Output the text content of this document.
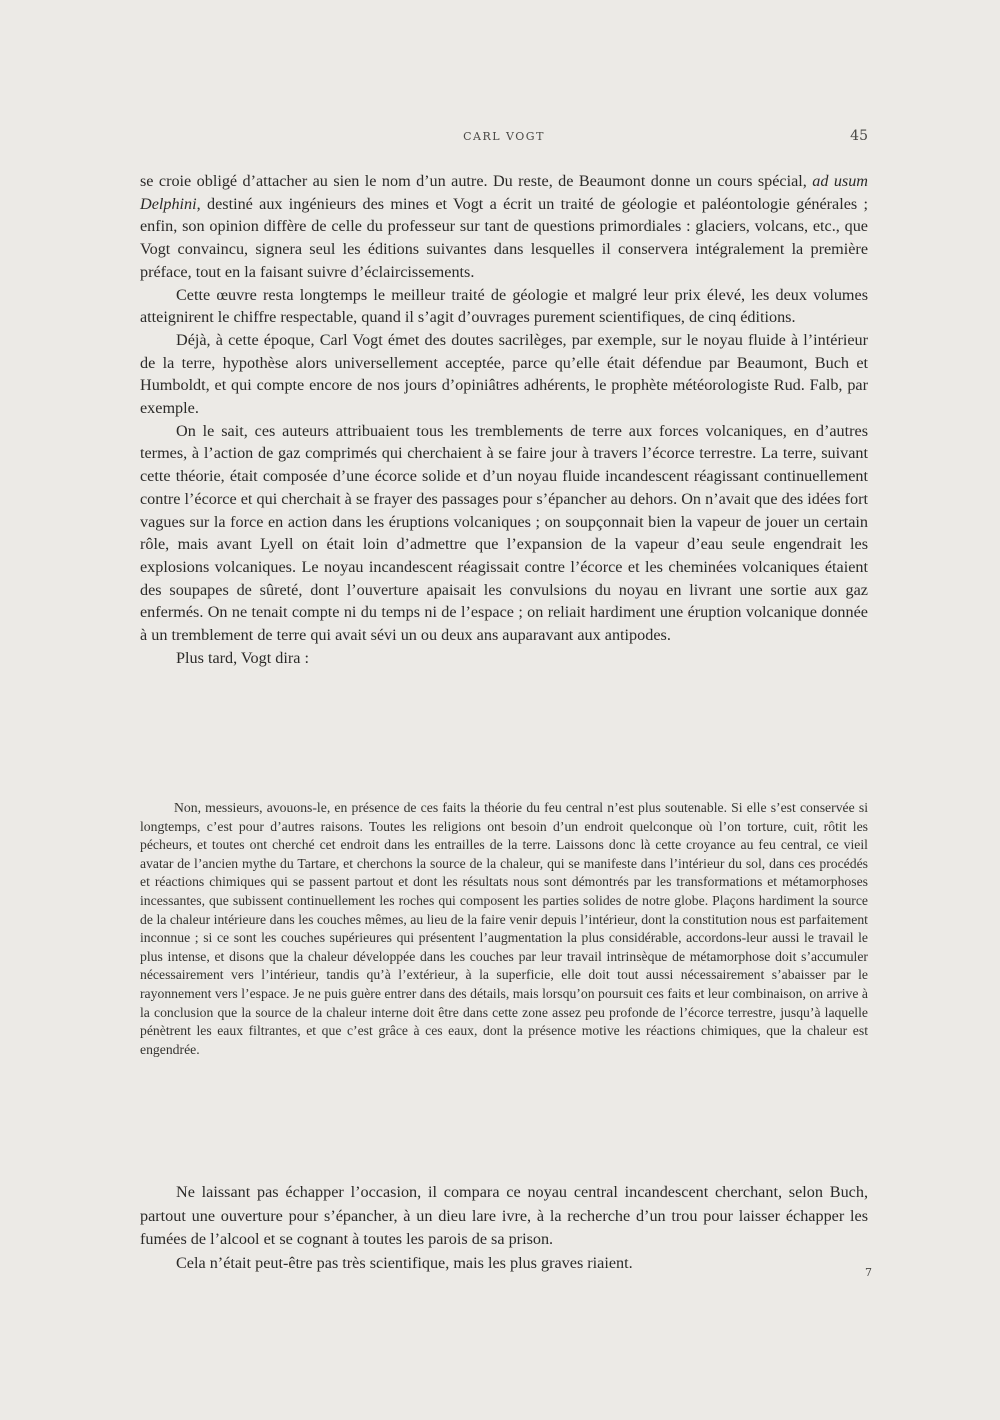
CARL VOGT	45

se croie obligé d’attacher au sien le nom d’un autre. Du reste, de Beaumont donne un cours spécial, ad usum Delphini, destiné aux ingénieurs des mines et Vogt a écrit un traité de géologie et paléontologie générales ; enfin, son opinion diffère de celle du professeur sur tant de questions primordiales : glaciers, volcans, etc., que Vogt convaincu, signera seul les éditions suivantes dans lesquelles il conservera intégralement la première préface, tout en la faisant suivre d’éclaircissements.

Cette œuvre resta longtemps le meilleur traité de géologie et malgré leur prix élevé, les deux volumes atteignirent le chiffre respectable, quand il s’agit d’ouvrages purement scientifiques, de cinq éditions.

Déjà, à cette époque, Carl Vogt émet des doutes sacrilèges, par exemple, sur le noyau fluide à l’intérieur de la terre, hypothèse alors universellement acceptée, parce qu’elle était défendue par Beaumont, Buch et Humboldt, et qui compte encore de nos jours d’opiniâtres adhérents, le prophète météorologiste Rud. Falb, par exemple.

On le sait, ces auteurs attribuaient tous les tremblements de terre aux forces volcaniques, en d’autres termes, à l’action de gaz comprimés qui cherchaient à se faire jour à travers l’écorce terrestre. La terre, suivant cette théorie, était composée d’une écorce solide et d’un noyau fluide incandescent réagissant continuellement contre l’écorce et qui cherchait à se frayer des passages pour s’épancher au dehors. On n’avait que des idées fort vagues sur la force en action dans les éruptions volcaniques ; on soupçonnait bien la vapeur de jouer un certain rôle, mais avant Lyell on était loin d’admettre que l’expansion de la vapeur d’eau seule engendrait les explosions volcaniques. Le noyau incandescent réagissait contre l’écorce et les cheminées volcaniques étaient des soupapes de sûreté, dont l’ouverture apaisait les convulsions du noyau en livrant une sortie aux gaz enfermés. On ne tenait compte ni du temps ni de l’espace ; on reliait hardiment une éruption volcanique donnée à un tremblement de terre qui avait sévi un ou deux ans auparavant aux antipodes.

Plus tard, Vogt dira :

Non, messieurs, avouons-le, en présence de ces faits la théorie du feu central n’est plus soutenable. Si elle s’est conservée si longtemps, c’est pour d’autres raisons. Toutes les religions ont besoin d’un endroit quelconque où l’on torture, cuit, rôtit les pécheurs, et toutes ont cherché cet endroit dans les entrailles de la terre. Laissons donc là cette croyance au feu central, ce vieil avatar de l’ancien mythe du Tartare, et cherchons la source de la chaleur, qui se manifeste dans l’intérieur du sol, dans ces procédés et réactions chimiques qui se passent partout et dont les résultats nous sont démontrés par les transformations et métamorphoses incessantes, que subissent continuellement les roches qui composent les parties solides de notre globe. Plaçons hardiment la source de la chaleur intérieure dans les couches mêmes, au lieu de la faire venir depuis l’intérieur, dont la constitution nous est parfaitement inconnue ; si ce sont les couches supérieures qui présentent l’augmentation la plus considérable, accordons-leur aussi le travail le plus intense, et disons que la chaleur développée dans les couches par leur travail intrinsèque de métamorphose doit s’accumuler nécessairement vers l’intérieur, tandis qu’à l’extérieur, à la superficie, elle doit tout aussi nécessairement s’abaisser par le rayonnement vers l’espace. Je ne puis guère entrer dans des détails, mais lorsqu’on poursuit ces faits et leur combinaison, on arrive à la conclusion que la source de la chaleur interne doit être dans cette zone assez peu profonde de l’écorce terrestre, jusqu’à laquelle pénètrent les eaux filtrantes, et que c’est grâce à ces eaux, dont la présence motive les réactions chimiques, que la chaleur est engendrée.

Ne laissant pas échapper l’occasion, il compara ce noyau central incandescent cherchant, selon Buch, partout une ouverture pour s’épancher, à un dieu lare ivre, à la recherche d’un trou pour laisser échapper les fumées de l’alcool et se cognant à toutes les parois de sa prison.

Cela n’était peut-être pas très scientifique, mais les plus graves riaient.

7
